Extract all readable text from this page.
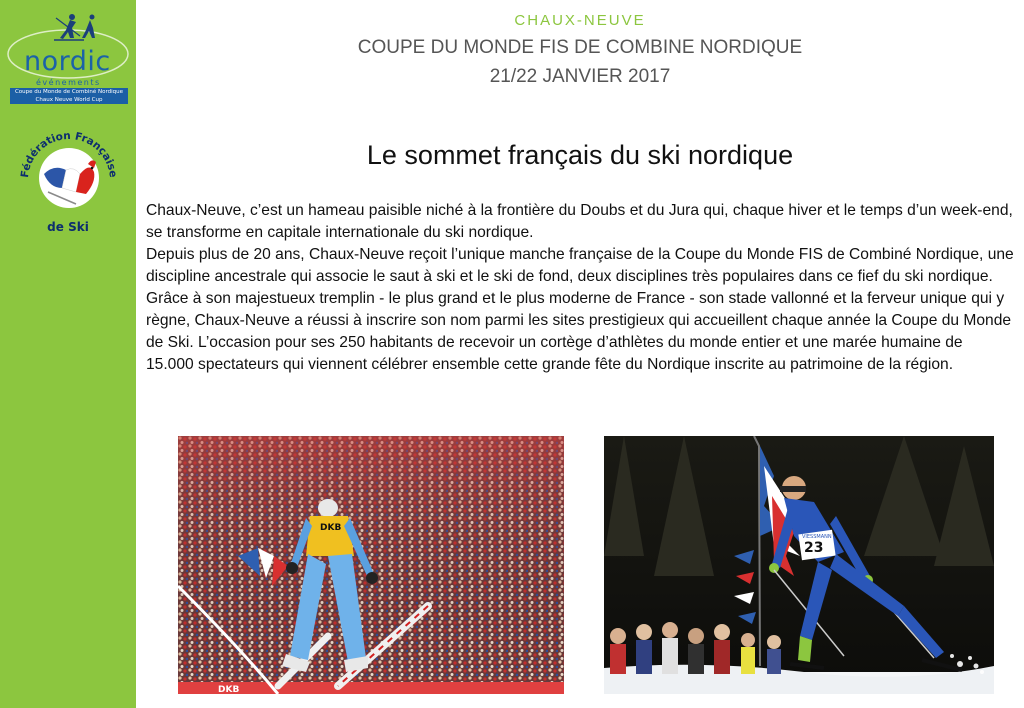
nordic
événements
Coupe du Monde de Combiné Nordique
Chaux Neuve World Cup
Fédération Française
de Ski
CHAUX-NEUVE
COUPE DU MONDE FIS DE COMBINE NORDIQUE
21/22 JANVIER 2017
Le sommet français du ski nordique

Chaux-Neuve, c’est un hameau paisible niché à la frontière du Doubs et du Jura qui, chaque hiver et le temps d’un week-end, se transforme en capitale internationale du ski nordique.

Depuis plus de 20 ans, Chaux-Neuve reçoit l’unique manche française de la Coupe du Monde FIS de Combiné Nordique, une discipline ancestrale qui associe le saut à ski et le ski de fond, deux disciplines très populaires dans ce fief du ski nordique.

Grâce à son majestueux tremplin - le plus grand et le plus moderne de France - son stade vallonné et la ferveur unique qui y règne, Chaux-Neuve a réussi à inscrire son nom parmi les sites prestigieux qui accueillent chaque année la Coupe du Monde de Ski. L’occasion pour ses 250 habitants de recevoir un cortège d’athlètes du monde entier et une marée humaine de 15.000 spectateurs qui viennent célébrer ensemble cette grande fête du Nordique inscrite au patrimoine de la région.

DKB
DKB
23
VIESSMANN
